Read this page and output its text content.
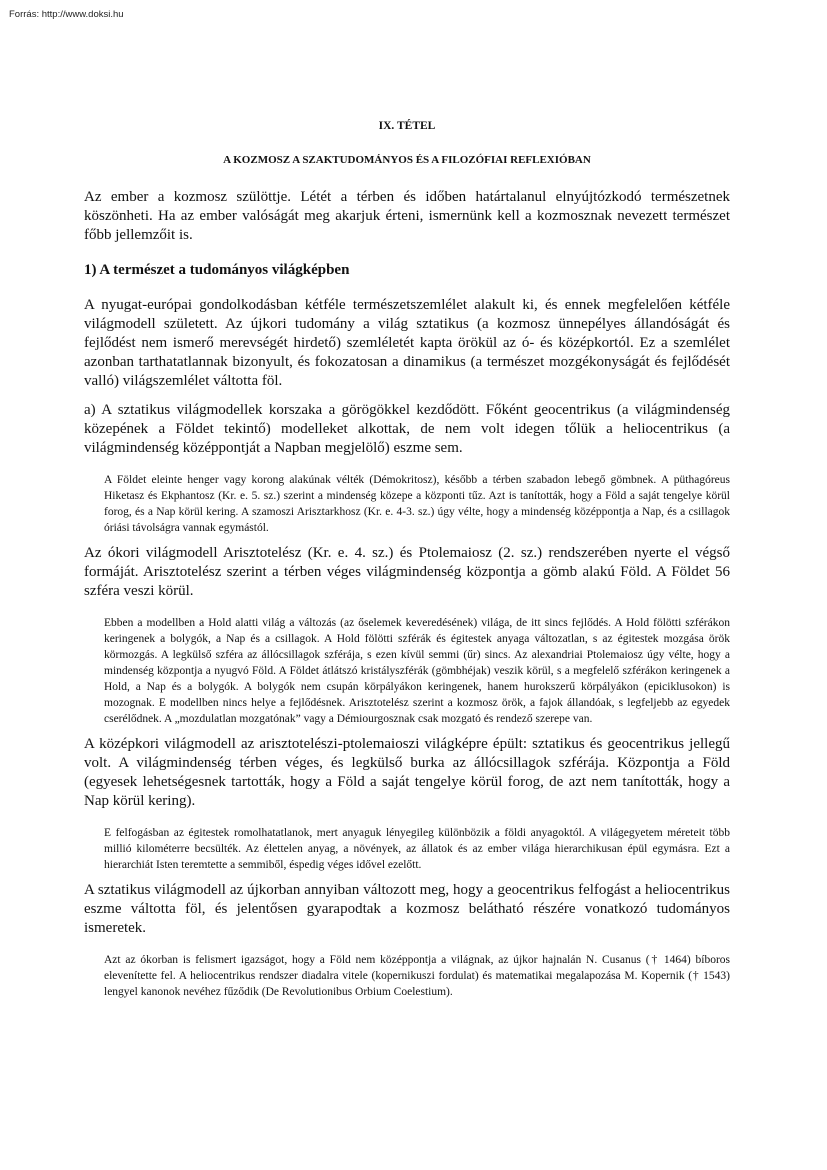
Forrás: http://www.doksi.hu

IX. TÉTEL

A KOZMOSZ A SZAKTUDOMÁNYOS ÉS A FILOZÓFIAI REFLEXIÓBAN

Az ember a kozmosz szülöttje. Létét a térben és időben határtalanul elnyújtózkodó természetnek köszönheti. Ha az ember valóságát meg akarjuk érteni, ismernünk kell a kozmosznak nevezett természet főbb jellemzőit is.

1) A természet a tudományos világképben

A nyugat-európai gondolkodásban kétféle természetszemlélet alakult ki, és ennek megfelelően kétféle világmodell született. Az újkori tudomány a világ sztatikus (a kozmosz ünnepélyes állandóságát és fejlődést nem ismerő merevségét hirdető) szemléletét kapta örökül az ó- és középkortól. Ez a szemlélet azonban tarthatatlannak bizonyult, és fokozatosan a dinamikus (a természet mozgékonyságát és fejlődését valló) világszemlélet váltotta föl.

a) A sztatikus világmodellek korszaka a görögökkel kezdődött. Főként geocentrikus (a világmindenség közepének a Földet tekintő) modelleket alkottak, de nem volt idegen tőlük a heliocentrikus (a világmindenség középpontját a Napban megjelölő) eszme sem.

A Földet eleinte henger vagy korong alakúnak vélték (Démokritosz), később a térben szabadon lebegő gömbnek. A püthagóreus Hiketasz és Ekphantosz (Kr. e. 5. sz.) szerint a mindenség közepe a központi tűz. Azt is tanították, hogy a Föld a saját tengelye körül forog, és a Nap körül kering. A szamoszi Arisztarkhosz (Kr. e. 4-3. sz.) úgy vélte, hogy a mindenség középpontja a Nap, és a csillagok óriási távolságra vannak egymástól.

Az ókori világmodell Arisztotelész (Kr. e. 4. sz.) és Ptolemaiosz (2. sz.) rendszerében nyerte el végső formáját. Arisztotelész szerint a térben véges világmindenség központja a gömb alakú Föld. A Földet 56 szféra veszi körül.

Ebben a modellben a Hold alatti világ a változás (az őselemek keveredésének) világa, de itt sincs fejlődés. A Hold fölötti szférákon keringenek a bolygók, a Nap és a csillagok. A Hold fölötti szférák és égitestek anyaga változatlan, s az égitestek mozgása örök körmozgás. A legkülső szféra az állócsillagok szférája, s ezen kívül semmi (űr) sincs. Az alexandriai Ptolemaiosz úgy vélte, hogy a mindenség központja a nyugvó Föld. A Földet átlátszó kristályszférák (gömbhéjak) veszik körül, s a megfelelő szférákon keringenek a Hold, a Nap és a bolygók. A bolygók nem csupán körpályákon keringenek, hanem hurokszerű körpályákon (epiciklusokon) is mozognak. E modellben nincs helye a fejlődésnek. Arisztotelész szerint a kozmosz örök, a fajok állandóak, s legfeljebb az egyedek cserélődnek. A „mozdulatlan mozgatónak” vagy a Démiourgosznak csak mozgató és rendező szerepe van.

A középkori világmodell az arisztotelészi-ptolemaioszi világképre épült: sztatikus és geocentrikus jellegű volt. A világmindenség térben véges, és legkülső burka az állócsillagok szférája. Központja a Föld (egyesek lehetségesnek tartották, hogy a Föld a saját tengelye körül forog, de azt nem tanították, hogy a Nap körül kering).

E felfogásban az égitestek romolhatatlanok, mert anyaguk lényegileg különbözik a földi anyagoktól. A világegyetem méreteit több millió kilométerre becsülték. Az élettelen anyag, a növények, az állatok és az ember világa hierarchikusan épül egymásra. Ezt a hierarchiát Isten teremtette a semmiből, éspedig véges idővel ezelőtt.

A sztatikus világmodell az újkorban annyiban változott meg, hogy a geocentrikus felfogást a heliocentrikus eszme váltotta föl, és jelentősen gyarapodtak a kozmosz belátható részére vonatkozó tudományos ismeretek.

Azt az ókorban is felismert igazságot, hogy a Föld nem középpontja a világnak, az újkor hajnalán N. Cusanus († 1464) bíboros elevenítette fel. A heliocentrikus rendszer diadalra vitele (kopernikuszi fordulat) és matematikai megalapozása M. Kopernik († 1543) lengyel kanonok nevéhez fűződik (De Revolutionibus Orbium Coelestium).
